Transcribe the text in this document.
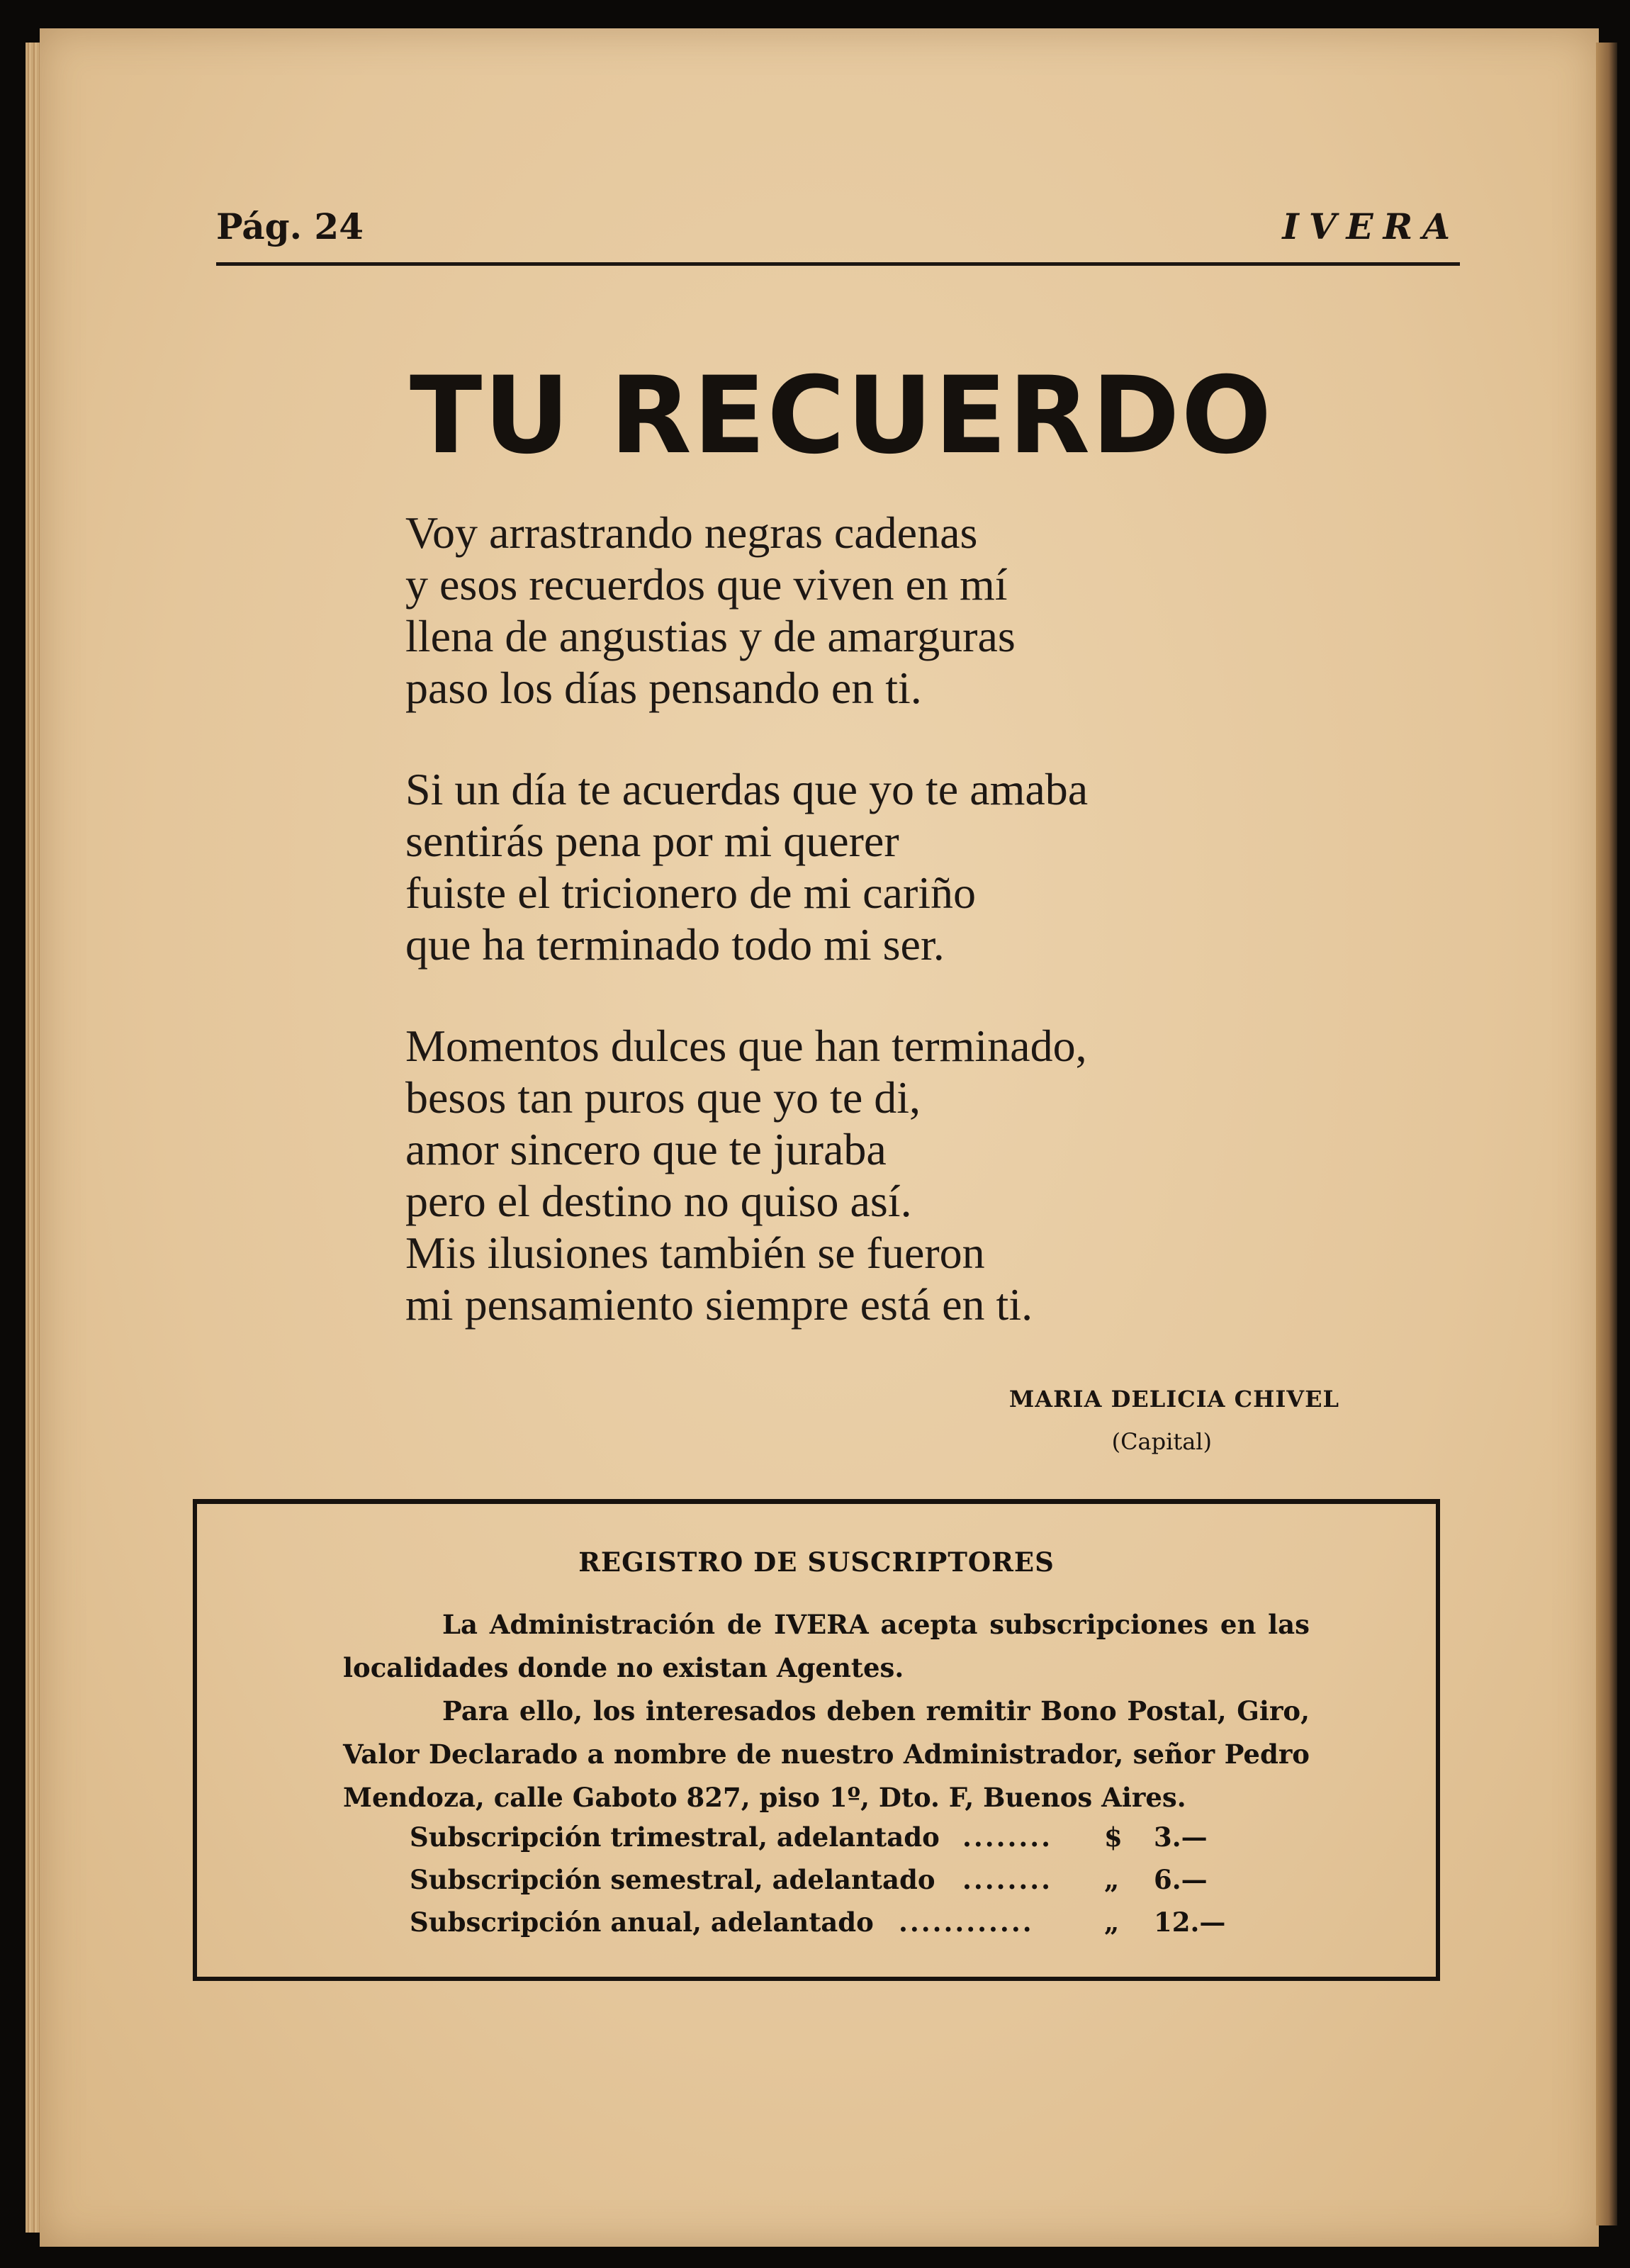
Pág. 24	IVERA
TU RECUERDO
Voy arrastrando negras cadenas
y esos recuerdos que viven en mí
llena de angustias y de amarguras
paso los días pensando en ti.
Si un día te acuerdas que yo te amaba
sentirás pena por mi querer
fuiste el tricionero de mi cariño
que ha terminado todo mi ser.
Momentos dulces que han terminado,
besos tan puros que yo te di,
amor sincero que te juraba
pero el destino no quiso así.
Mis ilusiones también se fueron
mi pensamiento siempre está en ti.
MARIA DELICIA CHIVEL
(Capital)
REGISTRO DE SUSCRIPTORES
La Administración de IVERA acepta subscripciones en las localidades donde no existan Agentes.
Para ello, los interesados deben remitir Bono Postal, Giro, Valor Declarado a nombre de nuestro Administrador, señor Pedro Mendoza, calle Gaboto 827, piso 1º, Dto. F, Buenos Aires.
Subscripción trimestral, adelantado ........ $ 3.—
Subscripción semestral, adelantado ........ „ 6.—
Subscripción anual, adelantado ............	„ 12.—
